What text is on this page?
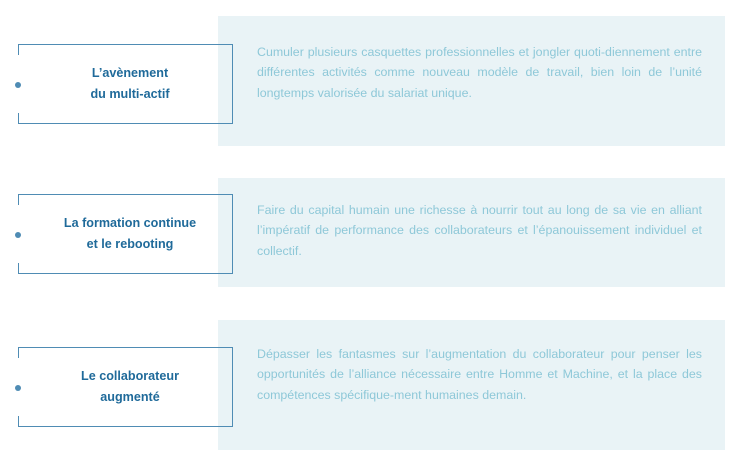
Cumuler plusieurs casquettes professionnelles et jongler quoti-diennement entre différentes activités comme nouveau modèle de travail, bien loin de l’unité longtemps valorisée du salariat unique.

L’avènement
du multi-actif

Faire du capital humain une richesse à nourrir tout au long de sa vie en alliant l’impératif de performance des collaborateurs et l’épanouissement individuel et collectif.

La formation continue
et le rebooting

Dépasser les fantasmes sur l’augmentation du collaborateur pour penser les opportunités de l’alliance nécessaire entre Homme et Machine, et la place des compétences spécifique-ment humaines demain.

Le collaborateur
augmenté
